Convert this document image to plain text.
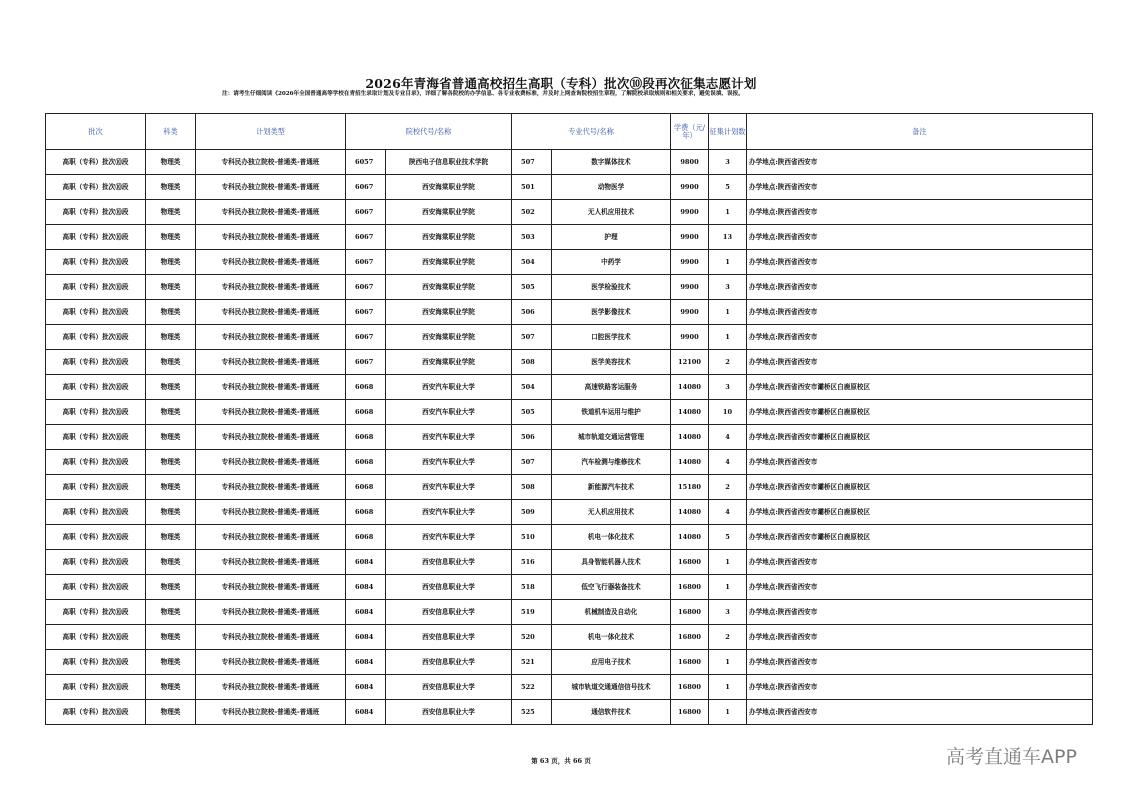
2026年青海省普通高校招生高职（专科）批次⑩段再次征集志愿计划
注：请考生仔细阅读《2026年全国普通高等学校在青招生录取计划及专业目录》，详细了解各院校的办学信息、各专业收费标准，并及时上网查询院校招生章程，了解院校录取规则和相关要求，避免误填、误报。
批次	科类	计划类型	院校代号/名称		专业代号/名称		学费（元/年）	征集计划数	备注
高职（专科）批次⑩段	物理类	专科民办独立院校-普通类-普通班	6057	陕西电子信息职业技术学院	507	数字媒体技术	9800	3	办学地点:陕西省西安市
高职（专科）批次⑩段	物理类	专科民办独立院校-普通类-普通班	6067	西安海棠职业学院	501	动物医学	9900	5	办学地点:陕西省西安市
高职（专科）批次⑩段	物理类	专科民办独立院校-普通类-普通班	6067	西安海棠职业学院	502	无人机应用技术	9900	1	办学地点:陕西省西安市
高职（专科）批次⑩段	物理类	专科民办独立院校-普通类-普通班	6067	西安海棠职业学院	503	护理	9900	13	办学地点:陕西省西安市
高职（专科）批次⑩段	物理类	专科民办独立院校-普通类-普通班	6067	西安海棠职业学院	504	中药学	9900	1	办学地点:陕西省西安市
高职（专科）批次⑩段	物理类	专科民办独立院校-普通类-普通班	6067	西安海棠职业学院	505	医学检验技术	9900	3	办学地点:陕西省西安市
高职（专科）批次⑩段	物理类	专科民办独立院校-普通类-普通班	6067	西安海棠职业学院	506	医学影像技术	9900	1	办学地点:陕西省西安市
高职（专科）批次⑩段	物理类	专科民办独立院校-普通类-普通班	6067	西安海棠职业学院	507	口腔医学技术	9900	1	办学地点:陕西省西安市
高职（专科）批次⑩段	物理类	专科民办独立院校-普通类-普通班	6067	西安海棠职业学院	508	医学美容技术	12100	2	办学地点:陕西省西安市
高职（专科）批次⑩段	物理类	专科民办独立院校-普通类-普通班	6068	西安汽车职业大学	504	高速铁路客运服务	14080	3	办学地点:陕西省西安市灞桥区白鹿原校区
高职（专科）批次⑩段	物理类	专科民办独立院校-普通类-普通班	6068	西安汽车职业大学	505	铁道机车运用与维护	14080	10	办学地点:陕西省西安市灞桥区白鹿原校区
高职（专科）批次⑩段	物理类	专科民办独立院校-普通类-普通班	6068	西安汽车职业大学	506	城市轨道交通运营管理	14080	4	办学地点:陕西省西安市灞桥区白鹿原校区
高职（专科）批次⑩段	物理类	专科民办独立院校-普通类-普通班	6068	西安汽车职业大学	507	汽车检测与维修技术	14080	4	办学地点:陕西省西安市
高职（专科）批次⑩段	物理类	专科民办独立院校-普通类-普通班	6068	西安汽车职业大学	508	新能源汽车技术	15180	2	办学地点:陕西省西安市灞桥区白鹿原校区
高职（专科）批次⑩段	物理类	专科民办独立院校-普通类-普通班	6068	西安汽车职业大学	509	无人机应用技术	14080	4	办学地点:陕西省西安市灞桥区白鹿原校区
高职（专科）批次⑩段	物理类	专科民办独立院校-普通类-普通班	6068	西安汽车职业大学	510	机电一体化技术	14080	5	办学地点:陕西省西安市灞桥区白鹿原校区
高职（专科）批次⑩段	物理类	专科民办独立院校-普通类-普通班	6084	西安信息职业大学	516	具身智能机器人技术	16800	1	办学地点:陕西省西安市
高职（专科）批次⑩段	物理类	专科民办独立院校-普通类-普通班	6084	西安信息职业大学	518	低空飞行器装备技术	16800	1	办学地点:陕西省西安市
高职（专科）批次⑩段	物理类	专科民办独立院校-普通类-普通班	6084	西安信息职业大学	519	机械制造及自动化	16800	3	办学地点:陕西省西安市
高职（专科）批次⑩段	物理类	专科民办独立院校-普通类-普通班	6084	西安信息职业大学	520	机电一体化技术	16800	2	办学地点:陕西省西安市
高职（专科）批次⑩段	物理类	专科民办独立院校-普通类-普通班	6084	西安信息职业大学	521	应用电子技术	16800	1	办学地点:陕西省西安市
高职（专科）批次⑩段	物理类	专科民办独立院校-普通类-普通班	6084	西安信息职业大学	522	城市轨道交通通信信号技术	16800	1	办学地点:陕西省西安市
高职（专科）批次⑩段	物理类	专科民办独立院校-普通类-普通班	6084	西安信息职业大学	525	通信软件技术	16800	1	办学地点:陕西省西安市
第 63 页，共 66 页	高考直通车APP
